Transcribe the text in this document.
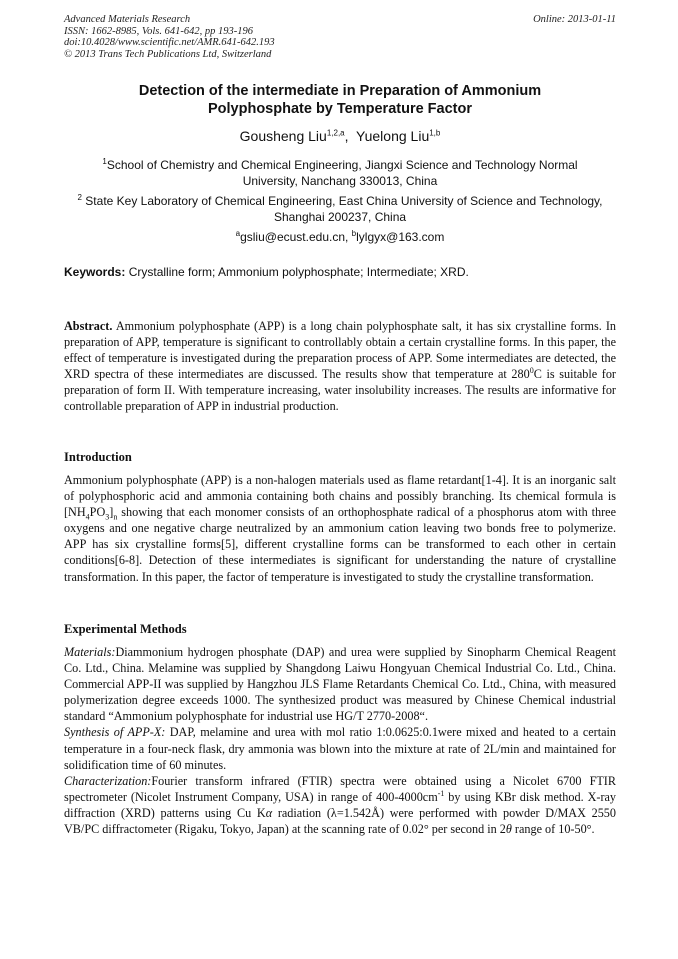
Advanced Materials Research
ISSN: 1662-8985, Vols. 641-642, pp 193-196
doi:10.4028/www.scientific.net/AMR.641-642.193
© 2013 Trans Tech Publications Ltd, Switzerland
Online: 2013-01-11
Detection of the intermediate in Preparation of Ammonium
Polyphosphate by Temperature Factor
Gousheng Liu$^{1,2,a}$,  Yuelong Liu$^{1,b}$
$^1$School of Chemistry and Chemical Engineering, Jiangxi Science and Technology Normal
University, Nanchang 330013, China
$^2$ State Key Laboratory of Chemical Engineering, East China University of Science and Technology,
Shanghai 200237, China
$^a$gsliu@ecust.edu.cn, $^b$lylgyx@163.com
Keywords: Crystalline form; Ammonium polyphosphate; Intermediate; XRD.

Abstract. Ammonium polyphosphate (APP) is a long chain polyphosphate salt, it has six crystalline forms. In preparation of APP, temperature is significant to controllably obtain a certain crystalline forms. In this paper, the effect of temperature is investigated during the preparation process of APP. Some intermediates are detected, the XRD spectra of these intermediates are discussed. The results show that temperature at $280^0C$ is suitable for preparation of form II. With temperature increasing, water insolubility increases. The results are informative for controllable preparation of APP in industrial production.

Introduction

Ammonium polyphosphate (APP) is a non-halogen materials used as flame retardant[1-4]. It is an inorganic salt of polyphosphoric acid and ammonia containing both chains and possibly branching. Its chemical formula is $[NH_4PO_3]_n$ showing that each monomer consists of an orthophosphate radical of a phosphorus atom with three oxygens and one negative charge neutralized by an ammonium cation leaving two bonds free to polymerize. APP has six crystalline forms[5], different crystalline forms can be transformed to each other in certain conditions[6-8]. Detection of these intermediates is significant for understanding the nature of crystalline transformation. In this paper, the factor of temperature is investigated to study the crystalline transformation.

Experimental Methods

Materials:Diammonium hydrogen phosphate (DAP) and urea were supplied by Sinopharm Chemical Reagent Co. Ltd., China. Melamine was supplied by Shangdong Laiwu Hongyuan Chemical Industrial Co. Ltd., China. Commercial APP-II was supplied by Hangzhou JLS Flame Retardants Chemical Co. Ltd., China, with measured polymerization degree exceeds 1000. The synthesized product was measured by Chinese Chemical industrial standard “Ammonium polyphosphate for industrial use HG/T 2770-2008“.

Synthesis of APP-X: DAP, melamine and urea with mol ratio 1:0.0625:0.1were mixed and heated to a certain temperature in a four-neck flask, dry ammonia was blown into the mixture at rate of 2L/min and maintained for solidification time of 60 minutes.

Characterization:Fourier transform infrared (FTIR) spectra were obtained using a Nicolet 6700 FTIR spectrometer (Nicolet Instrument Company, USA) in range of $400-4000cm^{-1}$ by using KBr disk method. X-ray diffraction (XRD) patterns using Cu Kα radiation (λ=1.542Å) were performed with powder D/MAX 2550 VB/PC diffractometer (Rigaku, Tokyo, Japan) at the scanning rate of 0.02° per second in 2θ range of 10-50°.
